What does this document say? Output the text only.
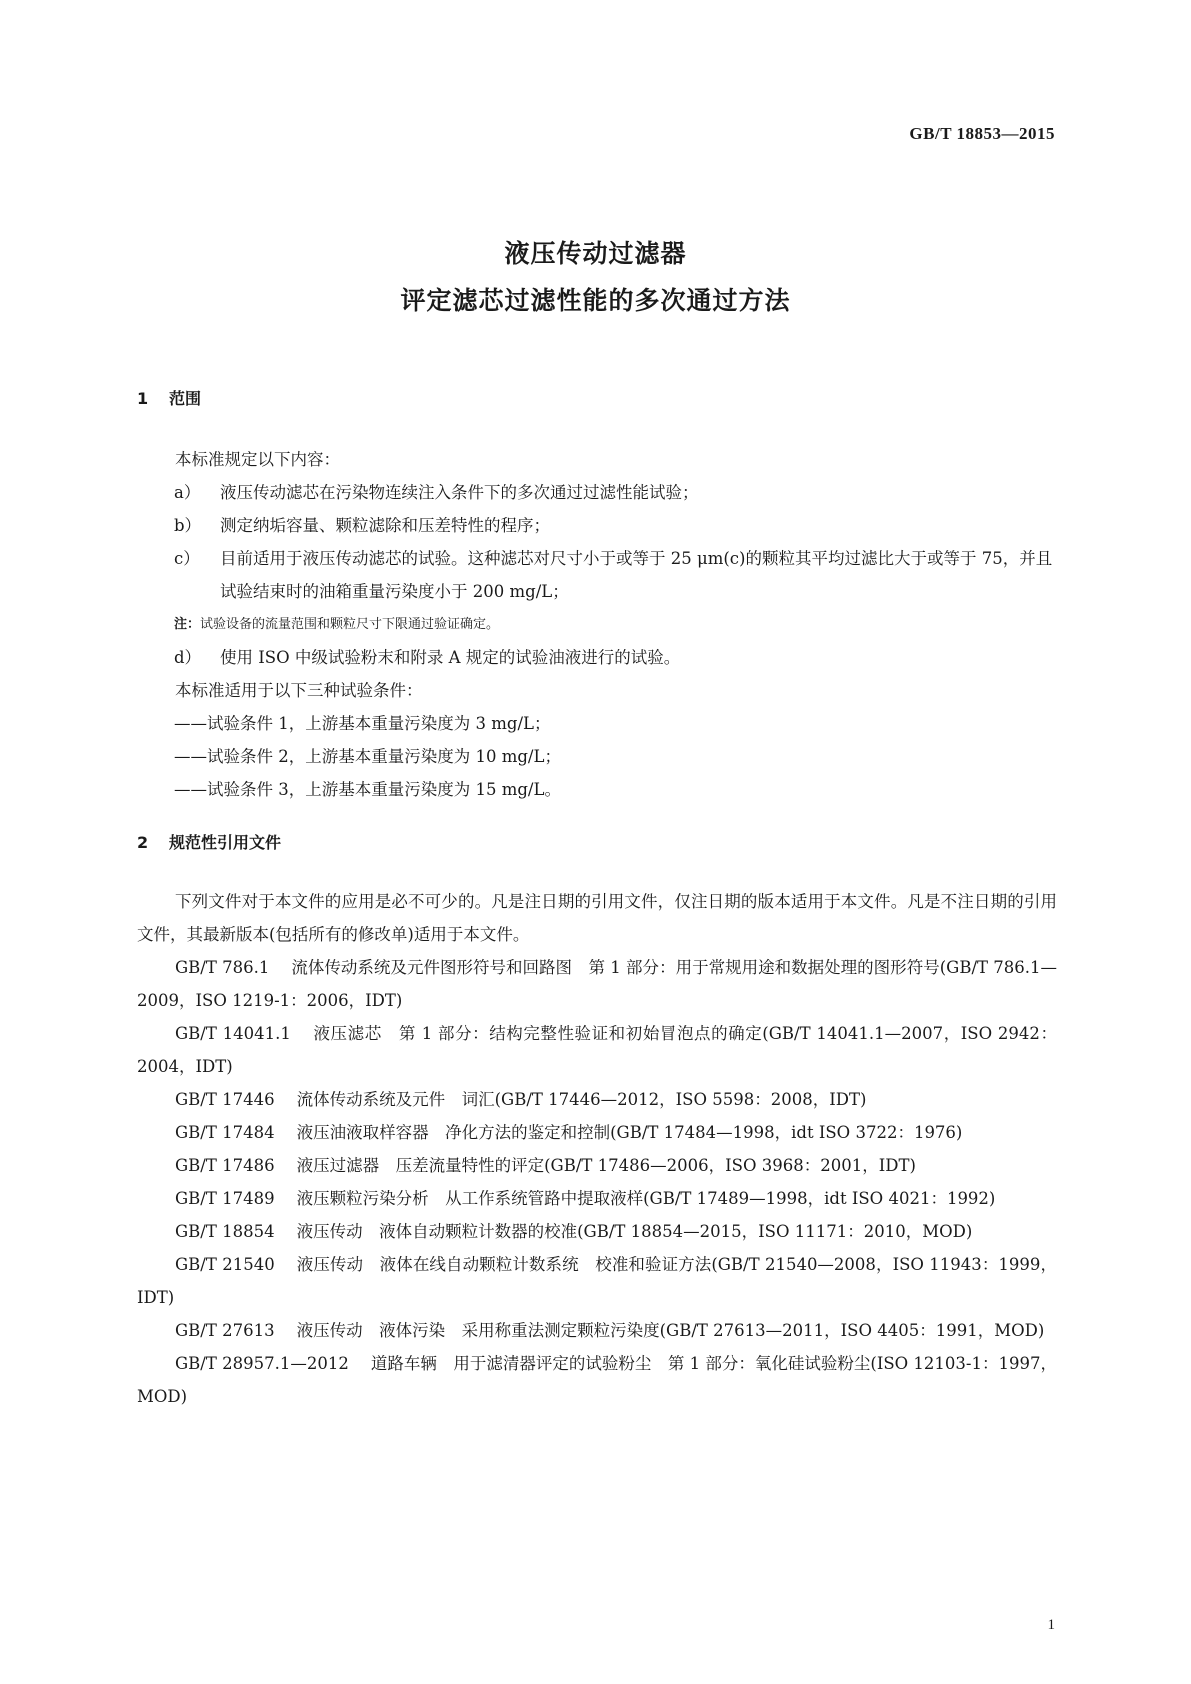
GB/T 18853—2015
液压传动过滤器
评定滤芯过滤性能的多次通过方法
1 范围

本标准规定以下内容：

a） 液压传动滤芯在污染物连续注入条件下的多次通过过滤性能试验；

b） 测定纳垢容量、颗粒滤除和压差特性的程序；

c） 目前适用于液压传动滤芯的试验。这种滤芯对尺寸小于或等于 25 μm(c)的颗粒其平均过滤比大于或等于 75，并且试验结束时的油箱重量污染度小于 200 mg/L；

注：试验设备的流量范围和颗粒尺寸下限通过验证确定。

d） 使用 ISO 中级试验粉末和附录 A 规定的试验油液进行的试验。

本标准适用于以下三种试验条件：

——试验条件 1，上游基本重量污染度为 3 mg/L；

——试验条件 2，上游基本重量污染度为 10 mg/L；

——试验条件 3，上游基本重量污染度为 15 mg/L。

2 规范性引用文件

下列文件对于本文件的应用是必不可少的。凡是注日期的引用文件，仅注日期的版本适用于本文件。凡是不注日期的引用文件，其最新版本(包括所有的修改单)适用于本文件。

GB/T 786.1 流体传动系统及元件图形符号和回路图　第 1 部分：用于常规用途和数据处理的图形符号(GB/T 786.1—2009，ISO 1219-1：2006，IDT)

GB/T 14041.1 液压滤芯　第 1 部分：结构完整性验证和初始冒泡点的确定(GB/T 14041.1—2007，ISO 2942：2004，IDT)

GB/T 17446 流体传动系统及元件　词汇(GB/T 17446—2012，ISO 5598：2008，IDT)

GB/T 17484 液压油液取样容器　净化方法的鉴定和控制(GB/T 17484—1998，idt ISO 3722：1976)

GB/T 17486 液压过滤器　压差流量特性的评定(GB/T 17486—2006，ISO 3968：2001，IDT)

GB/T 17489 液压颗粒污染分析　从工作系统管路中提取液样(GB/T 17489—1998，idt ISO 4021：1992)

GB/T 18854 液压传动　液体自动颗粒计数器的校准(GB/T 18854—2015，ISO 11171：2010，MOD)

GB/T 21540 液压传动　液体在线自动颗粒计数系统　校准和验证方法(GB/T 21540—2008，ISO 11943：1999，IDT)

GB/T 27613 液压传动　液体污染　采用称重法测定颗粒污染度(GB/T 27613—2011，ISO 4405：1991，MOD)

GB/T 28957.1—2012 道路车辆　用于滤清器评定的试验粉尘　第 1 部分：氧化硅试验粉尘(ISO 12103-1：1997，MOD)

1
